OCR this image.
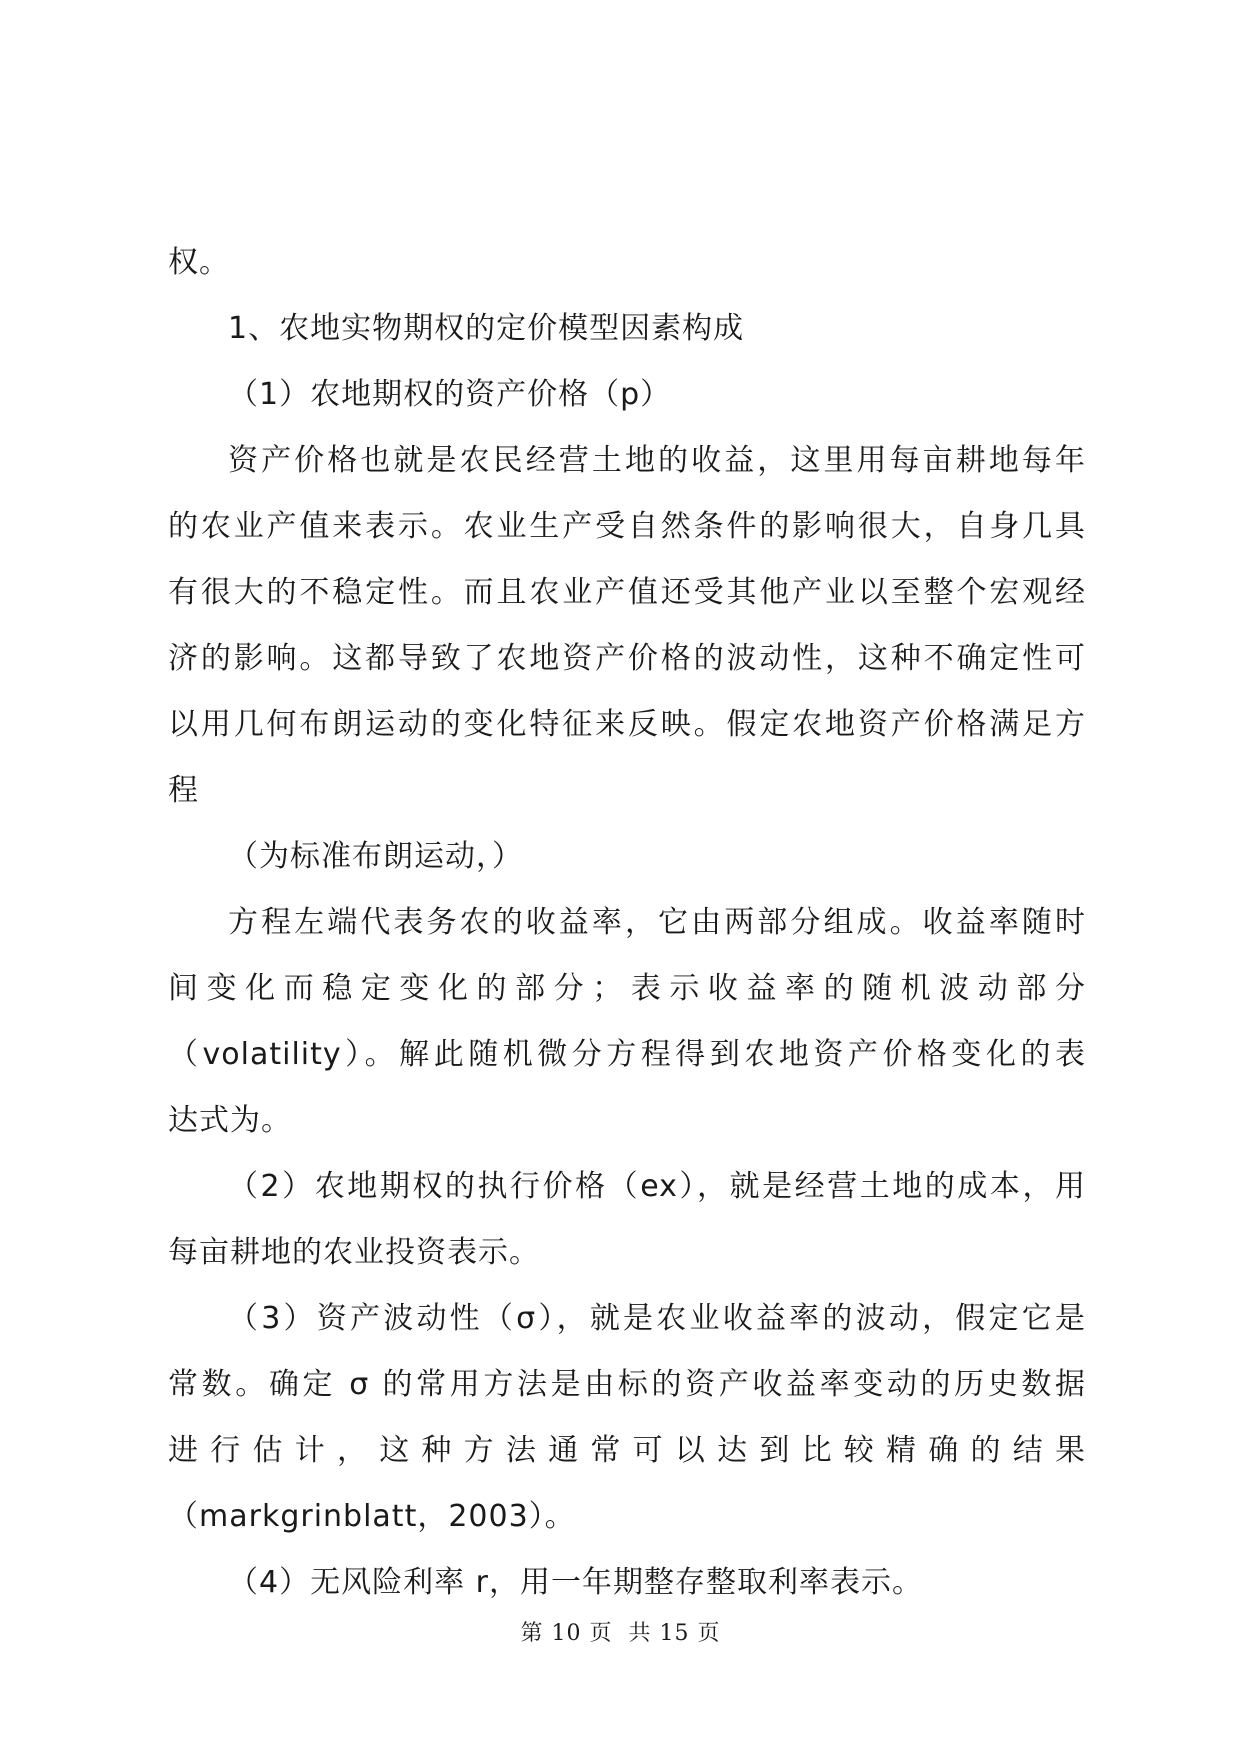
权。
1、农地实物期权的定价模型因素构成
（1）农地期权的资产价格（p）
资产价格也就是农民经营土地的收益，这里用每亩耕地每年
的农业产值来表示。农业生产受自然条件的影响很大，自身几具
有很大的不稳定性。而且农业产值还受其他产业以至整个宏观经
济的影响。这都导致了农地资产价格的波动性，这种不确定性可
以用几何布朗运动的变化特征来反映。假定农地资产价格满足方
程
（为标准布朗运动，）
方程左端代表务农的收益率，它由两部分组成。收益率随时
间变化而稳定变化的部分；表示收益率的随机波动部分
（volatility）。解此随机微分方程得到农地资产价格变化的表
达式为。
（2）农地期权的执行价格（ex），就是经营土地的成本，用
每亩耕地的农业投资表示。
（3）资产波动性（σ），就是农业收益率的波动，假定它是
常数。确定 σ 的常用方法是由标的资产收益率变动的历史数据
进行估计，这种方法通常可以达到比较精确的结果
（markgrinblatt，2003）。
（4）无风险利率 r，用一年期整存整取利率表示。
第 10 页  共 15 页
